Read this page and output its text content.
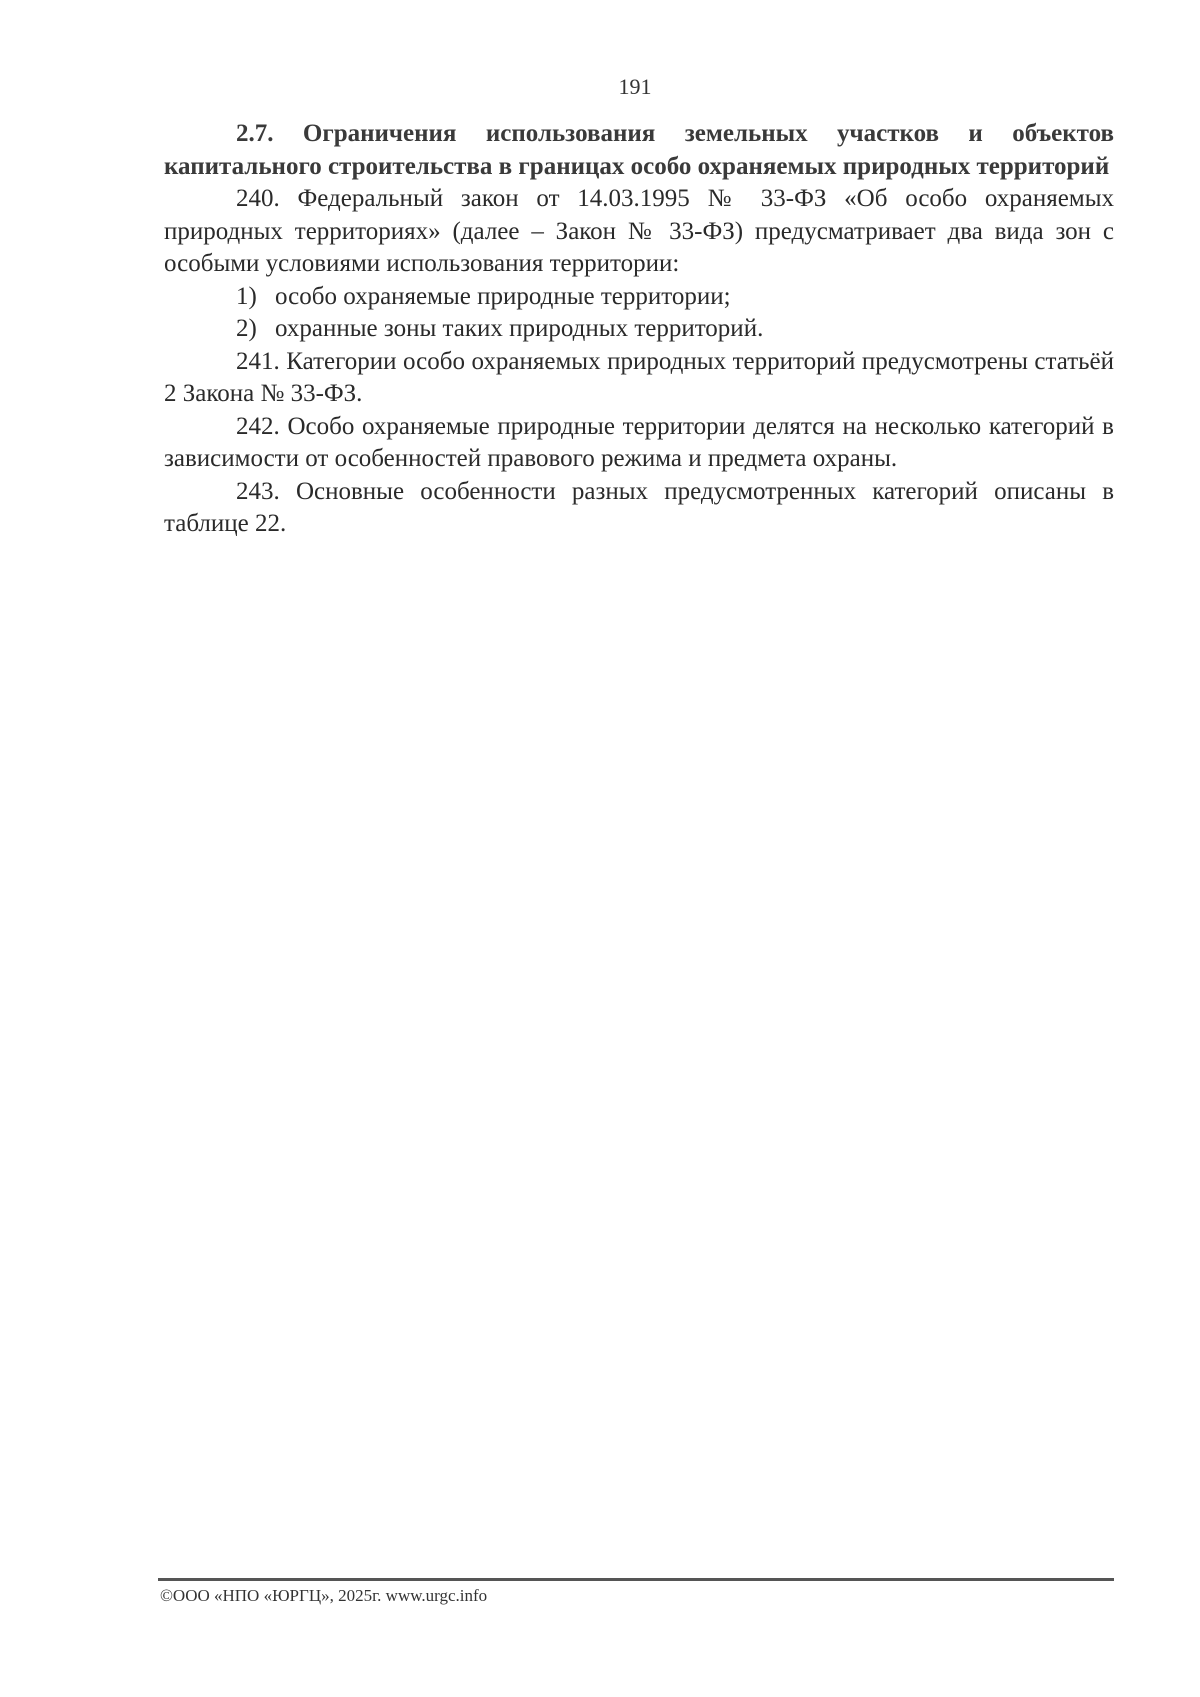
191

2.7. Ограничения использования земельных участков и объектов капитального строительства в границах особо охраняемых природных территорий

240. Федеральный закон от 14.03.1995 № 33-ФЗ «Об особо охраняемых природных территориях» (далее – Закон № 33-ФЗ) предусматривает два вида зон с особыми условиями использования территории:

1) особо охраняемые природные территории;
2) охранные зоны таких природных территорий.

241. Категории особо охраняемых природных территорий предусмотрены статьёй 2 Закона № 33-ФЗ.

242. Особо охраняемые природные территории делятся на несколько категорий в зависимости от особенностей правового режима и предмета охраны.

243. Основные особенности разных предусмотренных категорий описаны в таблице 22.

©ООО «НПО «ЮРГЦ», 2025г. www.urgc.info
